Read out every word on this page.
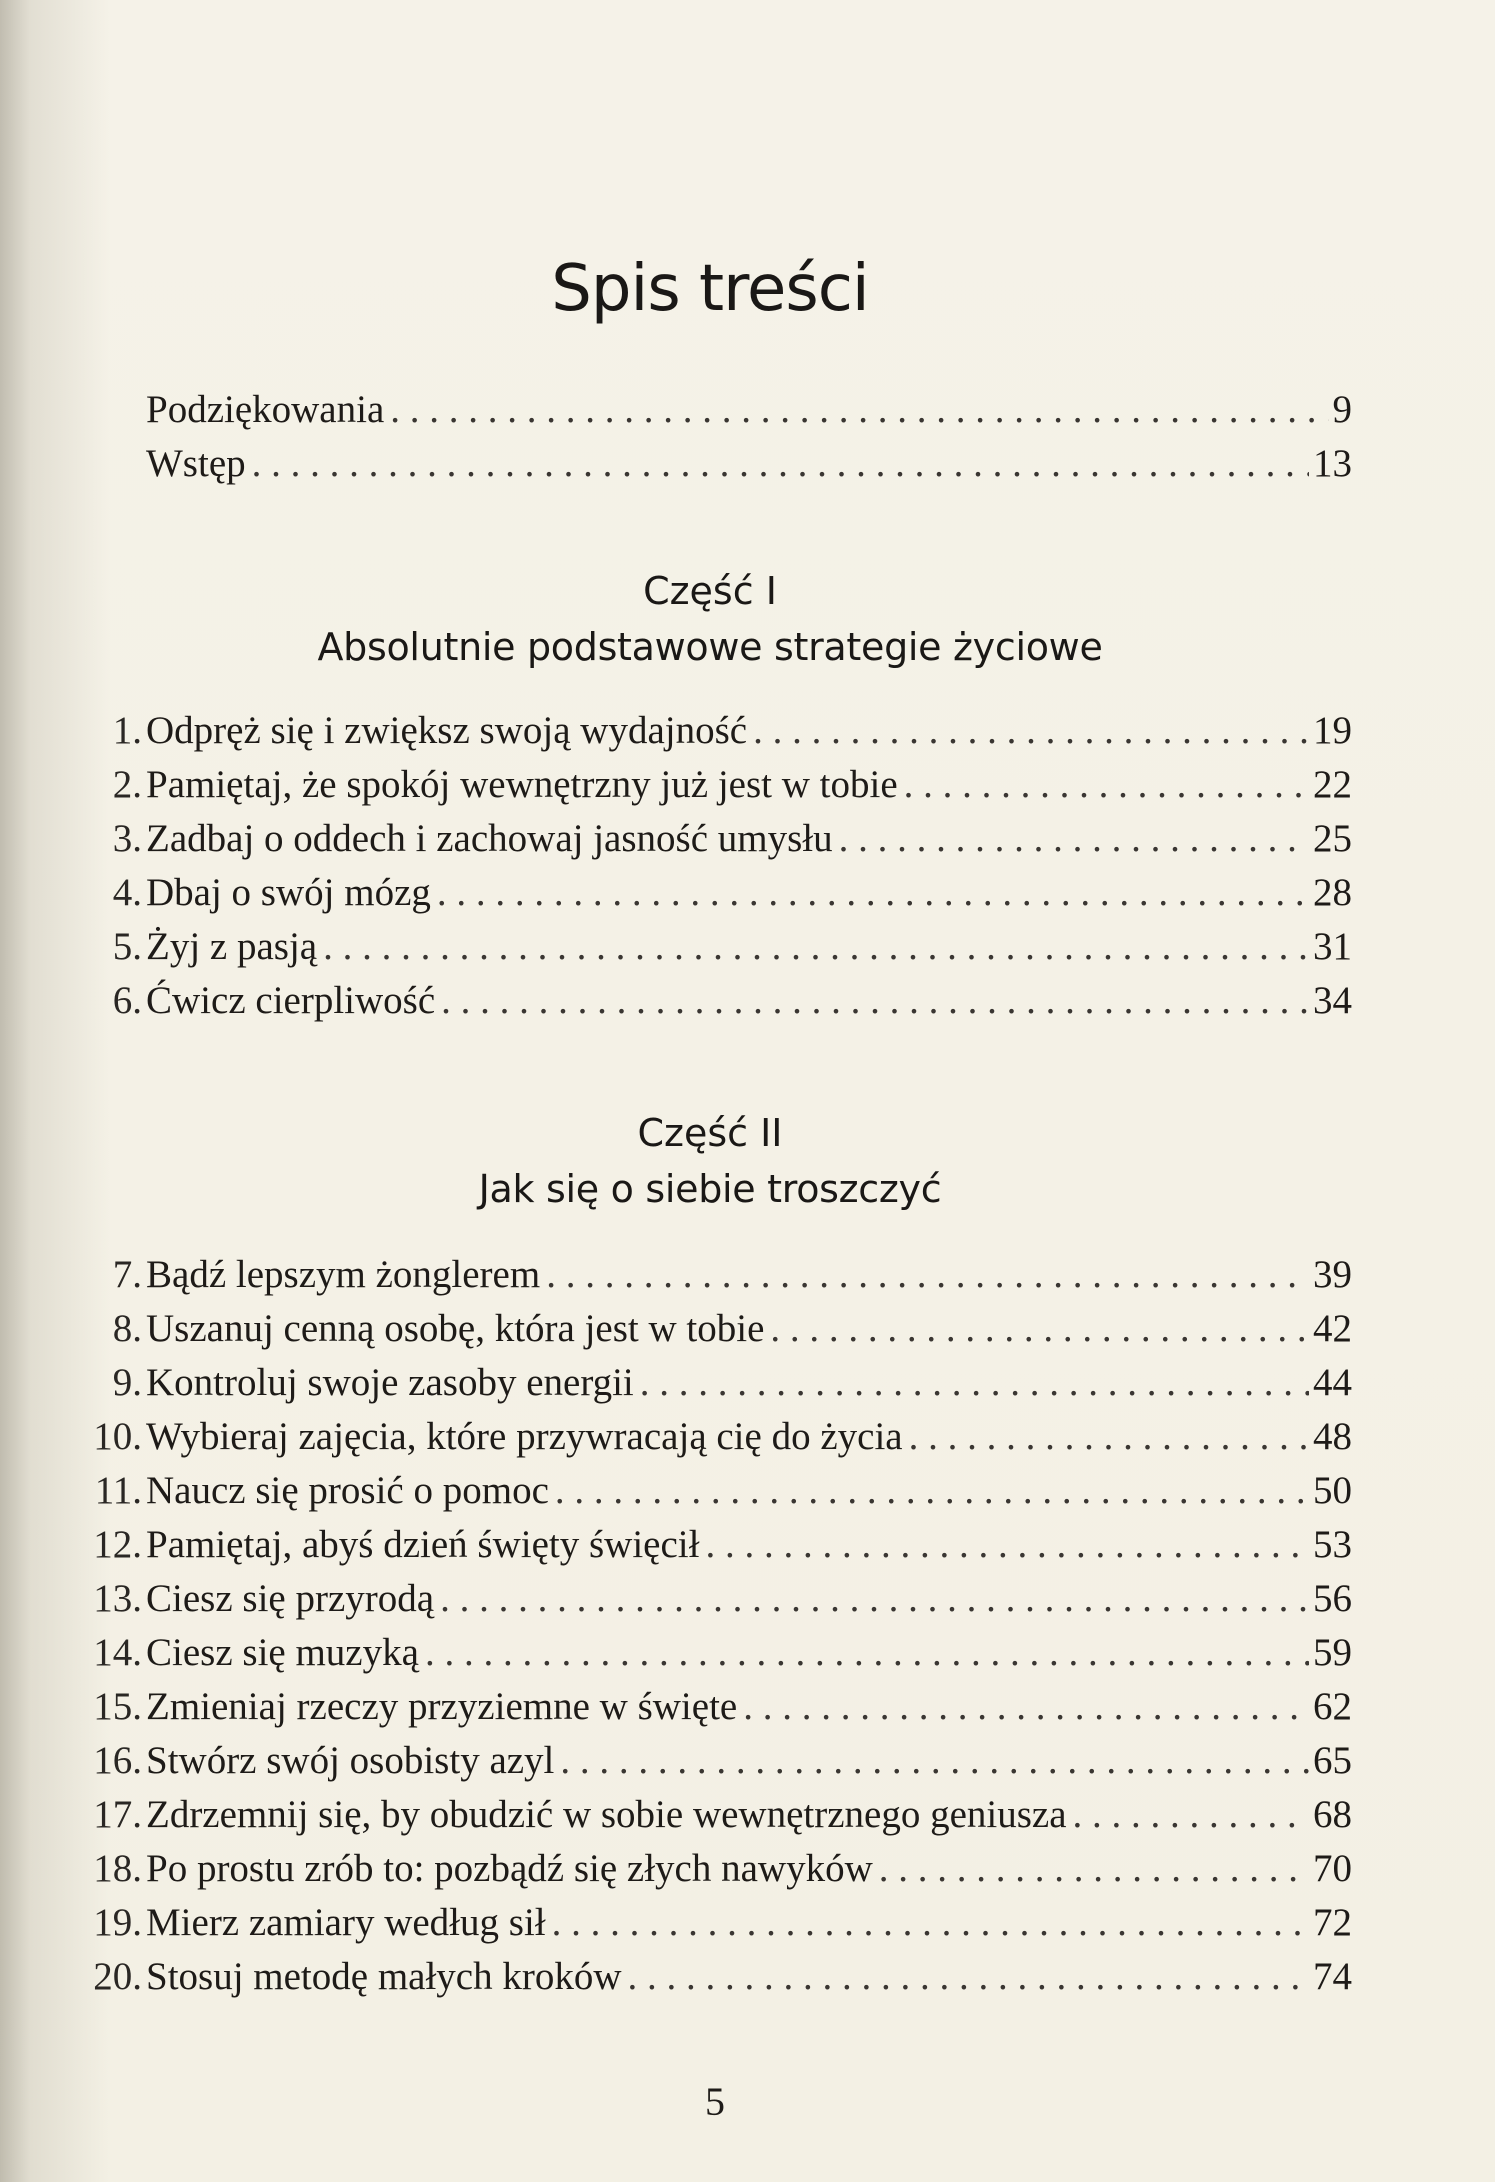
Spis treści
Podziękowania . . .	9
Wstęp . . .	13
Część I
Absolutnie podstawowe strategie życiowe
1. Odpręż się i zwiększ swoją wydajność . . .	19
2. Pamiętaj, że spokój wewnętrzny już jest w tobie . . .	22
3. Zadbaj o oddech i zachowaj jasność umysłu . . .	25
4. Dbaj o swój mózg . . .	28
5. Żyj z pasją . . .	31
6. Ćwicz cierpliwość . . .	34
Część II
Jak się o siebie troszczyć
7. Bądź lepszym żonglerem . . .	39
8. Uszanuj cenną osobę, która jest w tobie . . .	42
9. Kontroluj swoje zasoby energii . . .	44
10. Wybieraj zajęcia, które przywracają cię do życia . . .	48
11. Naucz się prosić o pomoc . . .	50
12. Pamiętaj, abyś dzień święty święcił . . .	53
13. Ciesz się przyrodą . . .	56
14. Ciesz się muzyką . . .	59
15. Zmieniaj rzeczy przyziemne w święte . . .	62
16. Stwórz swój osobisty azyl . . .	65
17. Zdrzemnij się, by obudzić w sobie wewnętrznego geniusza . . .	68
18. Po prostu zrób to: pozbądź się złych nawyków . . .	70
19. Mierz zamiary według sił . . .	72
20. Stosuj metodę małych kroków . . .	74
5
